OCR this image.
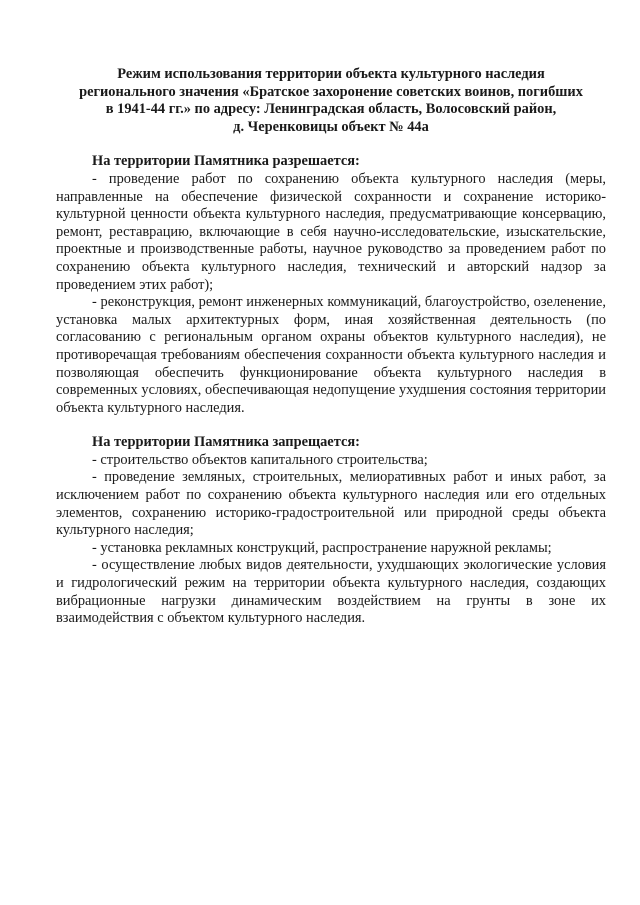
Режим использования территории объекта культурного наследия
регионального значения «Братское захоронение советских воинов, погибших
в 1941-44 гг.» по адресу: Ленинградская область, Волосовский район,
д. Черенковицы объект № 44а

На территории Памятника разрешается:

- проведение работ по сохранению объекта культурного наследия (меры, направленные на обеспечение физической сохранности и сохранение историко-культурной ценности объекта культурного наследия, предусматривающие консервацию, ремонт, реставрацию, включающие в себя научно-исследовательские, изыскательские, проектные и производственные работы, научное руководство за проведением работ по сохранению объекта культурного наследия, технический и авторский надзор за проведением этих работ);

- реконструкция, ремонт инженерных коммуникаций, благоустройство, озеленение, установка малых архитектурных форм, иная хозяйственная деятельность (по согласованию с региональным органом охраны объектов культурного наследия), не противоречащая требованиям обеспечения сохранности объекта культурного наследия и позволяющая обеспечить функционирование объекта культурного наследия в современных условиях, обеспечивающая недопущение ухудшения состояния территории объекта культурного наследия.

На территории Памятника запрещается:

- строительство объектов капитального строительства;

- проведение земляных, строительных, мелиоративных работ и иных работ, за исключением работ по сохранению объекта культурного наследия или его отдельных элементов, сохранению историко-градостроительной или природной среды объекта культурного наследия;

- установка рекламных конструкций, распространение наружной рекламы;

- осуществление любых видов деятельности, ухудшающих экологические условия и гидрологический режим на территории объекта культурного наследия, создающих вибрационные нагрузки динамическим воздействием на грунты в зоне их взаимодействия с объектом культурного наследия.
